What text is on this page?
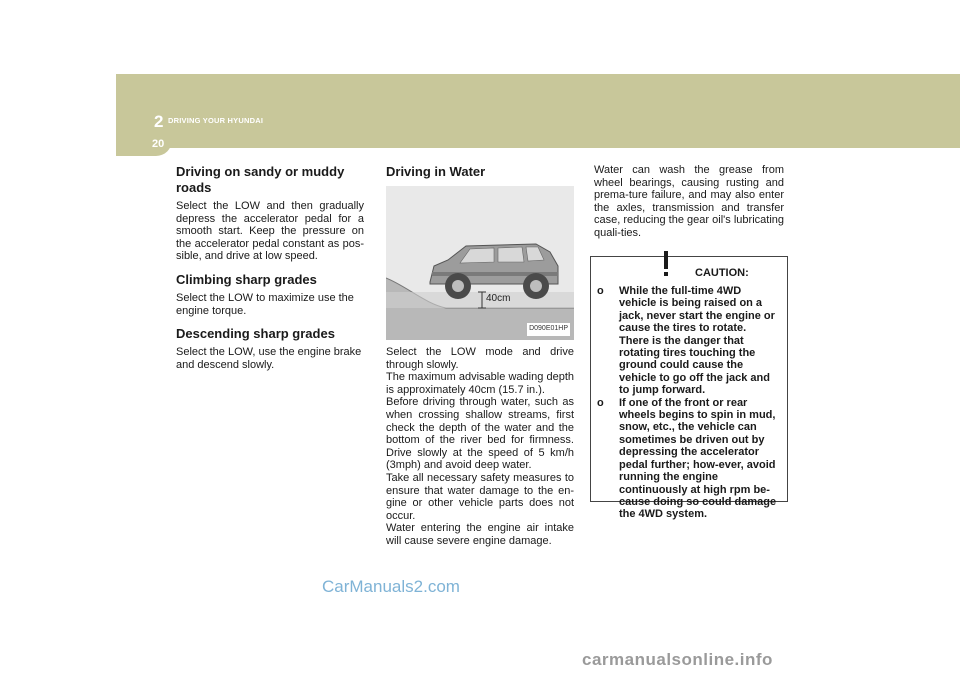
2 DRIVING YOUR HYUNDAI
20
Driving on sandy or muddy roads

Select the LOW and then gradually depress the accelerator pedal for a smooth start. Keep the pressure on the accelerator pedal constant as pos-sible, and drive at low speed.

Climbing sharp grades

Select the LOW to maximize use the engine torque.

Descending sharp grades

Select the LOW, use the engine brake and descend slowly.

Driving in Water
40cm
D090E01HP

Select the LOW mode and drive through slowly.

The maximum advisable wading depth is approximately 40cm (15.7 in.).

Before driving through water, such as when crossing shallow streams, first check the depth of the water and the bottom of the river bed for firmness. Drive slowly at the speed of 5 km/h (3mph) and avoid deep water.

Take all necessary safety measures to ensure that water damage to the en-gine or other vehicle parts does not occur.

Water entering the engine air intake will cause severe engine damage.

Water can wash the grease from wheel bearings, causing rusting and prema-ture failure, and may also enter the axles, transmission and transfer case, reducing the gear oil's lubricating quali-ties.

CAUTION:
o While the full-time 4WD vehicle is being raised on a jack, never start the engine or cause the tires to rotate.
There is the danger that rotating tires touching the ground could cause the vehicle to go off the jack and to jump forward.
o If one of the front or rear wheels begins to spin in mud, snow, etc., the vehicle can sometimes be driven out by depressing the accelerator pedal further; how-ever, avoid running the engine continuously at high rpm be-cause doing so could damage the 4WD system.
CarManuals2.com
carmanualsonline.info
